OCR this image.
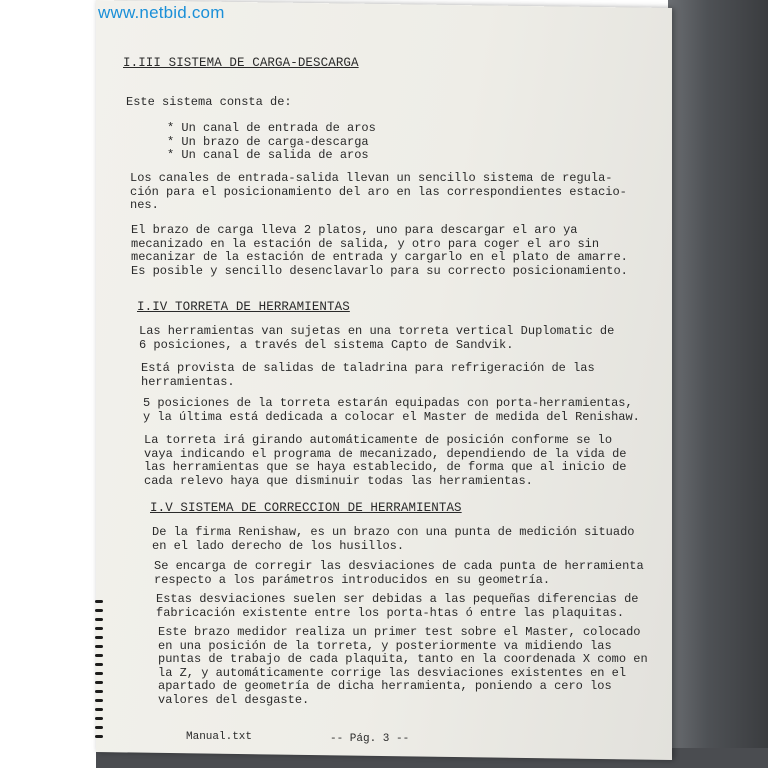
I.III SISTEMA DE CARGA-DESCARGA
Este sistema consta de:
* Un canal de entrada de aros
* Un brazo de carga-descarga
* Un canal de salida de aros
Los canales de entrada-salida llevan un sencillo sistema de regula-
ción para el posicionamiento del aro en las correspondientes estacio-
nes.
El brazo de carga lleva 2 platos, uno para descargar el aro ya
mecanizado en la estación de salida, y otro para coger el aro sin
mecanizar de la estación de entrada y cargarlo en el plato de amarre.
Es posible y sencillo desenclavarlo para su correcto posicionamiento.
I.IV TORRETA DE HERRAMIENTAS
Las herramientas van sujetas en una torreta vertical Duplomatic de
6 posiciones, a través del sistema Capto de Sandvik.
Está provista de salidas de taladrina para refrigeración de las
herramientas.
5 posiciones de la torreta estarán equipadas con porta-herramientas,
y la última está dedicada a colocar el Master de medida del Renishaw.
La torreta irá girando automáticamente de posición conforme se lo
vaya indicando el programa de mecanizado, dependiendo de la vida de
las herramientas que se haya establecido, de forma que al inicio de
cada relevo haya que disminuir todas las herramientas.
I.V SISTEMA DE CORRECCION DE HERRAMIENTAS
De la firma Renishaw, es un brazo con una punta de medición situado
en el lado derecho de los husillos.
Se encarga de corregir las desviaciones de cada punta de herramienta
respecto a los parámetros introducidos en su geometría.
Estas desviaciones suelen ser debidas a las pequeñas diferencias de
fabricación existente entre los porta-htas ó entre las plaquitas.
Este brazo medidor realiza un primer test sobre el Master, colocado
en una posición de la torreta, y posteriormente va midiendo las
puntas de trabajo de cada plaquita, tanto en la coordenada X como en
la Z, y automáticamente corrige las desviaciones existentes en el
apartado de geometría de dicha herramienta, poniendo a cero los
valores del desgaste.
Manual.txt	-- Pág. 3 --
www.netbid.com
